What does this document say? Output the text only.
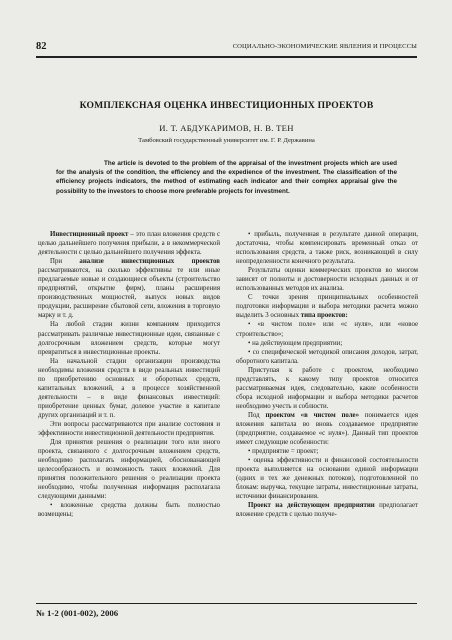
82	СОЦИАЛЬНО-ЭКОНОМИЧЕСКИЕ ЯВЛЕНИЯ И ПРОЦЕССЫ
КОМПЛЕКСНАЯ ОЦЕНКА ИНВЕСТИЦИОННЫХ ПРОЕКТОВ
И. Т. АБДУКАРИМОВ, Н. В. ТЕН
Тамбовский государственный университет им. Г. Р. Державина

The article is devoted to the problem of the appraisal of the investment projects which are used for the analysis of the condition, the efficiency and the expedience of the investment. The classification of the efficiency projects indicators, the method of estimating each indicator and their complex appraisal give the possibility to the investors to choose more preferable projects for investment.

Инвестиционный проект – это план вложения средств с целью дальнейшего получения прибыли, а в некоммерческой деятельности с целью дальнейшего получения эффекта.

При анализе инвестиционных проектов рассматриваются, на сколько эффективны те или иные предлагаемые новые и создающиеся объекты (строительство предприятий, открытие фирм), планы расширения производственных мощностей, выпуск новых видов продукции, расширение сбытовой сети, вложения в торговую марку и т. д.

На любой стадии жизни компаниям приходится рассматривать различные инвестиционные идеи, связанные с долгосрочным вложением средств, которые могут превратиться в инвестиционные проекты.

На начальной стадии организации производства необходимы вложения средств в виде реальных инвестиций по приобретению основных и оборотных средств, капитальных вложений, а в процессе хозяйственной деятельности – в виде финансовых инвестиций: приобретение ценных бумаг, долевое участие в капитале других организаций и т. п.

Эти вопросы рассматриваются при анализе состояния и эффективности инвестиционной деятельности предприятия.

Для принятия решения о реализации того или иного проекта, связанного с долгосрочным вложением средств, необходимо располагать информацией, обоснованающей целесообразность и возможность таких вложений. Для принятия положительного решения о реализации проекта необходимо, чтобы полученная информация располагала следующими данными:

• вложенные средства должны быть полностью возмещены;

• прибыль, полученная в результате данной операции, достаточна, чтобы компенсировать временный отказ от использования средств, а также риск, возникающий в силу неопределенности конечного результата.

Результаты оценки коммерческих проектов во многом зависят от полноты и достоверности исходных данных и от использованных методов их анализа.

С точки зрения принципиальных особенностей подготовки информации и выбора методики расчета можно выделить 3 основных типа проектов:

• «в чистом поле» или «с нуля», или «новое строительство»;

• на действующем предприятии;

• со специфической методикой описания доходов, затрат, оборотного капитала.

Приступая к работе с проектом, необходимо представлять, к какому типу проектов относится рассматриваемая идея, следовательно, какие особенности сбора исходной информации и выбора методики расчетов необходимо учесть и соблюсти.

Под проектом «в чистом поле» понимается идея вложения капитала во вновь создаваемое предприятие (предприятие, создаваемое «с нуля»). Данный тип проектов имеет следующие особенности:

• предприятие = проект;

• оценка эффективности и финансовой состоятельности проекта выполняется на основании единой информации (одних и тех же денежных потоков), подготовленной по блокам: выручка, текущие затраты, инвестиционные затраты, источники финансирования.

Проект на действующем предприятии предполагает вложение средств с целью получе-

№ 1-2 (001-002), 2006
